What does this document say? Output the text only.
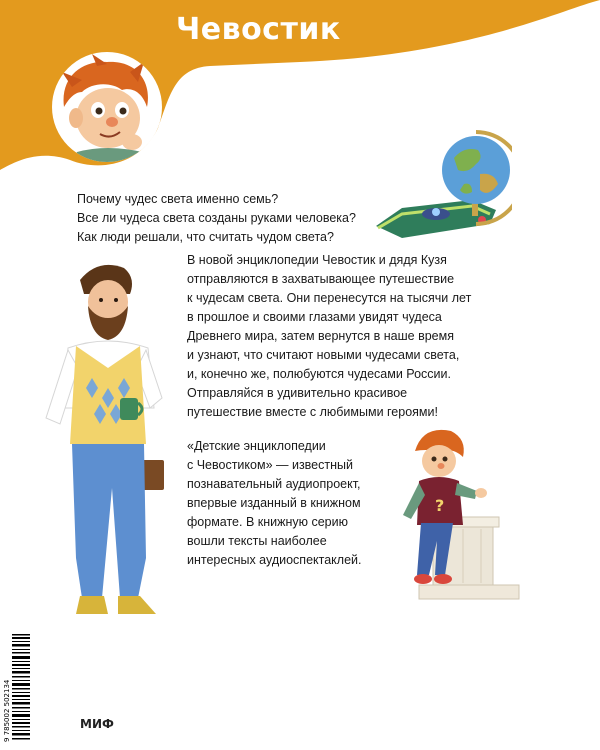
Чевостик
Почему чудес света именно семь?
Все ли чудеса света созданы руками человека?
Как люди решали, что считать чудом света?
В новой энциклопедии Чевостик и дядя Кузя
отправляются в захватывающее путешествие
к чудесам света. Они перенесутся на тысячи лет
в прошлое и своими глазами увидят чудеса
Древнего мира, затем вернутся в наше время
и узнают, что считают новыми чудесами света,
и, конечно же, полюбуются чудесами России.
Отправляйся в удивительно красивое
путешествие вместе с любимыми героями!
«Детские энциклопедии
с Чевостиком» — известный
познавательный аудиопроект,
впервые изданный в книжном
формате. В книжную серию
вошли тексты наиболее
интересных аудиоспектаклей.
?
9 785002 502134	МИФ
